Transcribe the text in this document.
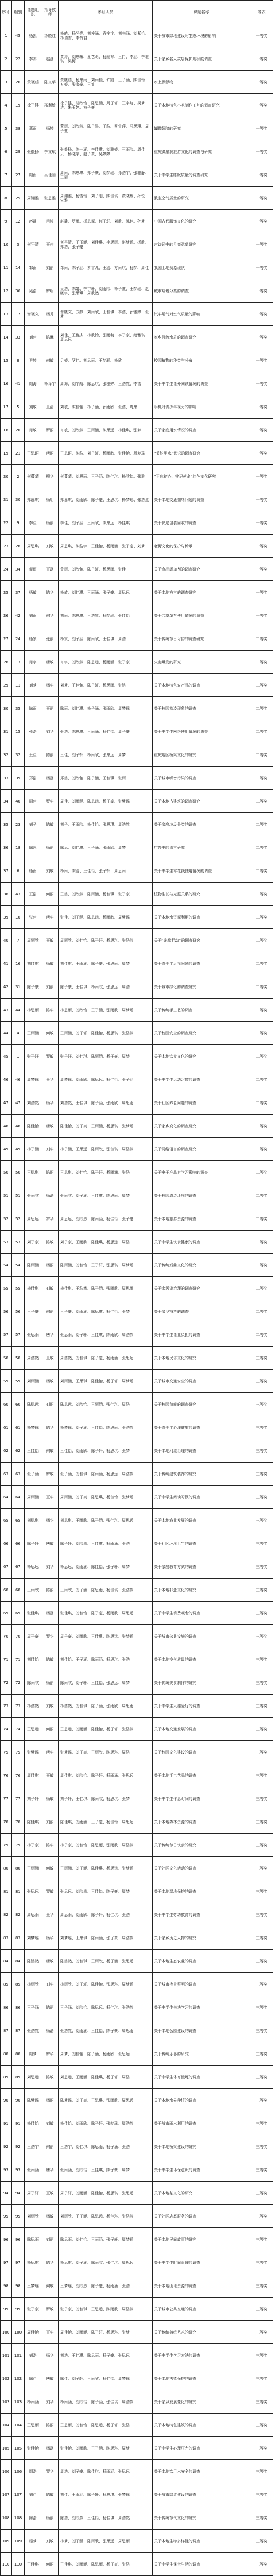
序号	组别	课题组长	指导教师	参研人员	课题名称	等次
1	45	杨凯	汤晓红	杨皓、杨翌光、刘梓涵、肖宁宇、刘书涵、刘紫怡、杨瑞雪、李竹君	关于城市绿地建设对生态环境的影响	一等奖
2	22	李亦	赵磊	黄涛、刘思敏、夏艺晗、杨丽琴、王冉、李涵、李雅琪、吴柯	关于家乡名人故居保护现状的调查	一等奖
3	26	黄晓茹	陈文华	黄晓茹、杨思雨、刘雨佳、许凯、王子涵、陈佳怡、方婷、张家豪、王睿	水上漂浮物	一等奖
4	19	徐子健	邵利敏	徐子健、胡欣怡、陈思涵、周子轩、王宇航、吴梦洁、朱玉婷、方子豪	关于本地特色小吃制作工艺的调查研究	一等奖
5	38	董雨	杨婷	董雨、刘欣然、陈子墨、王浩、罗雪莲、马思琪、周子萱	蝴蝶翅膀的研究	一等奖
6	29	张毅扬	李文斌	张毅扬、陈一涵、李佳琪、刘雅婷、王雨欣、周佳乐、杨晓宇、赵子豪、吴婷婷	重庆洪崖洞旅游文化的调查与研究	一等奖
7	27	周雨	吴佳丽	周雨、陈思琪、郑子豪、刘梦瑶、孙浩宇、张雅静、王丽	关于中学生睡眠质量的调查研究	一等奖
8	25	周湘雅	张思雅	周湘雅、杨雪怡、刘子阳、陈佳琪、黄晓敏、孙悦、宋雅	教室空气质量的研究	一等奖
9	12	赵静	肖婷	赵静、罗雨、杨思源、何子轩、刘欣、陈佳、孙梦	中国古代服饰文化的研究	一等奖
10	3	何平清	王伟	何平清、王玉涵、刘佳琪、李思雨、赵梦瑶、杨欣、郑浩、张子豪	古诗词中的月亮意象研究	一等奖
11	14	邹雨	刘丽	邹雨、陈子涵、罗雪儿、王浩、方雨琪、杨梦、周佳	我国土地资源现状	一等奖
12	36	吴浩	罗明	吴浩、陈婧、李宇轩、刘雨欣、杨子萱、王梦瑶、赵晓宇、张思琪、周欣然	城市垃圾分类的调查	一等奖
13	17	谢晓文	杨秀	谢晓文、方静、刘雨欣、王佳琪、李浩、孙雅婷、张梦	汽车尾气对空气质量的影响	一等奖
14	33	刘佳	陈琳	刘佳、王俊杰、杨欣怡、张雨萌、李子豪、赵雅琪、周思远	家乡河流水质的调查研究	一等奖
15	8	尹婷	何敏	尹婷、罗佳、刘思雨、王梦瑶、杨欣	校园植物的种类与分布	一等奖
16	41	周海	杨泽宇	周海、刘宇航、陈思琪、张雅婷、王浩然、李雪	关于中学生课外阅读情况的调查	一等奖
17	5	刘敏	王清	刘敏、陈佳怡、杨子涵、孙雨欣、张浩、周思	手机对青少年视力的影响	一等奖
18	20	肖敏	罗丽	肖敏、刘欣然、王雨涵、陈思远、杨佳琪、张梦	关于家庭用水情况的调查	一等奖
19	21	王思语	唐丽	王思语、陈浩、刘子轩、杨雨欣、张佳怡、周梦瑶	“节约用水”意识的调查研究	一等奖
20	2	何蔓晴	柳华	何蔓晴、刘思雨、王子涵、陈佳琪、杨欣怡、张雅	“不忘初心，牢记使命”红色文化研究	一等奖
21	30	郑嘉琪	杨明	郑嘉琪、刘雨欣、陈子豪、王思琪、杨梦瑶、张浩然	关于本地交通拥堵问题的调查	一等奖
22	9	李佳	杨丽	李佳、刘子涵、王雨欣、陈思远、杨佳琪	关于快递包装回收的调查	一等奖
23	28	周思琪	刘敏	周思琪、陈浩宇、王佳怡、杨雨涵、张子豪、刘梦	老街文化的保护与传承	一等奖
24	34	黄雨	王磊	黄雨、刘欣怡、陈子轩、杨思雨、张佳	关于食品添加剂的调查研究	一等奖
25	37	杨敏	陈华	杨敏、刘佳琪、王雨涵、张子豪、周思远	关于本地方言的调查研究	一等奖
26	42	刘雨	何华	刘雨、陈思琪、王浩然、杨梦瑶、张佳怡	关于共享单车使用情况的调查	一等奖
27	24	杨家	张丽	杨家、刘子涵、陈雨欣、王佳琪、周浩	关于传统节日习俗的调查研究	二等奖
28	13	肖宇	唐敏	肖宇、刘欣然、陈思远、杨雨涵、张子豪	火山爆发的研究	二等奖
29	11	刘梦	杨华	刘梦、王佳怡、陈子轩、杨思雨、张浩	关于本地特色农产品的调查	二等奖
30	35	陈雨	王丽	陈雨、刘佳琪、杨子涵、张雨欣、周梦瑶	关于校园欺凌现象的调查	二等奖
31	15	张浩	刘华	张浩、陈思琪、王雨涵、杨佳怡、周子豪	关于中学生网络使用情况的调查	二等奖
32	32	王佳	陈丽	王佳、刘子轩、杨雨欣、张思远、周梦	重庆地区桥梁文化的研究	二等奖
33	39	郑浩	杨磊	郑浩、刘欣怡、陈子涵、王佳琪、张雨	关于城市噪音污染的调查	二等奖
34	40	周佳	罗华	周佳、刘雨涵、陈思远、杨子豪、张梦瑶	关于本地古建筑的调查研究	二等奖
35	23	刘子	陈敏	刘子、王雨欣、杨佳怡、张思琪、周浩然	关于家庭垃圾分类的调查	二等奖
36	18	陈思	杨丽	陈思、刘佳琪、王子涵、张雨欣、周梦	广告中的语言研究	二等奖
37	6	杨雨	刘敏	杨雨、陈浩、王佳怡、张子轩、周思雨	关于中学生零花钱使用情况的调查	二等奖
38	43	王浩	何丽	王浩、刘欣然、陈雨涵、杨佳琪、张子豪	植物生长与光照关系的研究	二等奖
39	10	张佳	唐华	张佳、刘子涵、陈思远、杨雨欣、周梦瑶	关于本地水资源利用的调查	二等奖
40	7	周雨欣	王敏	周雨欣、刘佳怡、陈子轩、杨思琪、张浩然	关于“光盘行动”的调查研究	二等奖
41	16	刘佳琪	杨敏	刘佳琪、王雨涵、陈子豪、张思雨、周梦	关于青少年近视问题的调查	二等奖
42	31	陈子豪	刘丽	陈子豪、王佳琪、杨雨欣、张思远、周浩	关于城市绿化的调查研究	二等奖
43	44	杨思雨	陈华	杨思雨、刘欣怡、王子涵、张雨欣、周梦瑶	关于传统手工艺的调查	二等奖
44	4	王雨涵	何敏	王雨涵、刘子轩、陈佳怡、杨思琪、张浩然	关于校园安全的调查研究	二等奖
45	1	张子轩	罗敏	张子轩、刘佳琪、陈雨涵、杨子豪、周梦	关于本地饮食文化的研究	二等奖
46	46	周梦瑶	王华	周梦瑶、刘雨欣、陈思远、杨佳怡、张子涵	关于中学生运动习惯的调查	二等奖
47	47	刘浩然	杨华	刘浩然、王佳琪、陈子涵、张雨欣、周思雨	关于社区养老问题的调查	二等奖
48	48	陈佳怡	唐敏	陈佳怡、刘子豪、王雨涵、杨思琪、张梦瑶	关于家乡变化的调查研究	二等奖
49	49	杨子涵	刘华	杨子涵、王思远、陈雨欣、张佳琪、周浩然	关于网络语言的调查研究	二等奖
50	50	王思琪	陈丽	王思琪、刘佳怡、陈子轩、杨雨涵、张浩	关于电子产品对学习影响的调查	二等奖
51	51	张雨欣	杨磊	张雨欣、刘子涵、王佳琪、陈思雨、周梦	关于校园周边环境的调查	二等奖
52	52	周思远	罗华	周思远、刘欣然、陈雨涵、杨佳怡、张子豪	关于本地旅游资源的调查	二等奖
53	53	刘子豪	陈敏	刘子豪、王雨欣、陈佳琪、杨思远、周浩	关于中学生饮食健康的调查	二等奖
54	54	陈雨涵	杨丽	陈雨涵、刘佳怡、王子轩、张思琪、周梦瑶	关于传统戏曲文化的研究	二等奖
55	55	杨佳琪	刘敏	杨佳琪、王浩然、陈子涵、张雨欣、周思雨	关于水污染治理的调查研究	二等奖
56	56	王子豪	何丽	王子豪、刘雨涵、陈思琪、杨佳怡、张梦	关于家乡特产的调查	二等奖
57	57	张思雨	唐华	张思雨、刘子轩、王佳琪、陈雨欣、周浩然	关于中学生课业负担的调查	二等奖
58	58	周浩然	王敏	周浩然、刘佳琪、陈子豪、杨雨涵、张思远	关于本地民俗文化的研究	三等奖
59	59	刘雨涵	杨敏	刘雨涵、王思琪、陈佳怡、杨子轩、周梦瑶	关于城市交通安全的调查	三等奖
60	60	陈思远	刘丽	陈思远、刘欣怡、王雨涵、张佳琪、周浩	关于校园节能的调查研究	三等奖
61	61	杨梦瑶	陈华	杨梦瑶、刘子涵、王佳怡、陈思雨、张浩然	关于青少年心理健康的调查	三等奖
62	62	王佳怡	何敏	王佳怡、刘雨欣、陈子轩、杨思琪、张梦	关于本地河流治理的调查	三等奖
63	63	张子涵	罗敏	张子涵、刘佳琪、陈雨涵、杨思远、周浩然	关于传统建筑装饰的研究	三等奖
64	64	周雨涵	王华	周雨涵、刘子豪、陈思琪、杨佳怡、张梦瑶	关于中学生阅读习惯的调查	三等奖
65	65	刘思琪	杨华	刘思琪、王雨欣、陈子涵、张佳琪、周思远	关于本地农业发展的调查	三等奖
66	66	陈子轩	唐敏	陈子轩、刘欣然、王佳琪、杨雨涵、张浩	关于社区环境卫生的调查	三等奖
67	67	杨思远	刘华	杨思远、刘雨涵、陈佳怡、张子轩、周梦	关于家庭教育方式的调查	三等奖
68	68	王雨欣	陈丽	王雨欣、刘子涵、陈思雨、杨佳琪、张浩然	关于本地非遗文化的研究	三等奖
69	69	张佳琪	杨磊	张佳琪、刘佳怡、陈子豪、杨雨欣、周思远	关于中学生消费观念的调查	三等奖
70	70	周子豪	罗华	周子豪、刘雨欣、王佳琪、陈思远、张梦瑶	关于城市公共设施的调查	三等奖
71	71	刘佳怡	陈敏	刘佳怡、王子涵、陈雨涵、杨思琪、张浩	关于本地空气质量的调查	三等奖
72	72	陈雨欣	杨丽	陈雨欣、刘子轩、王佳怡、张思远、周梦	关于传统美食制作的研究	三等奖
73	73	杨浩然	刘敏	杨浩然、刘佳琪、陈子涵、张雨欣、周思雨	关于中学生兴趣爱好的调查	三等奖
74	74	王思远	何丽	王思远、刘雨涵、陈佳怡、杨子轩、张浩然	关于本地交通发展的调查	三等奖
75	75	张梦瑶	唐华	张梦瑶、刘子豪、王雨欣、陈思琪、周浩	关于校园文化建设的调查	三等奖
76	76	周佳琪	王敏	周佳琪、刘欣怡、陈子轩、杨雨涵、张思远	关于本地手工艺品的调查	三等奖
77	77	刘子轩	杨敏	刘子轩、王佳琪、陈雨欣、杨思琪、张梦	关于中学生作息时间的调查	三等奖
78	78	陈佳琪	刘丽	陈佳琪、刘雨涵、王子豪、杨佳怡、周思远	关于本地森林资源的调查	三等奖
79	79	杨子豪	陈华	杨子豪、刘佳怡、陈思雨、张雨欣、周浩然	关于传统节日饮食的研究	三等奖
80	80	王雨涵	何敏	王雨涵、刘子涵、陈佳琪、杨思远、张梦瑶	关于社区文化活动的调查	三等奖
81	81	张思远	罗敏	张思远、刘欣然、王佳怡、陈子豪、周梦	关于本地湿地保护的调查	三等奖
82	82	周思雨	王华	周思雨、刘雨欣、陈子轩、杨佳琪、张浩	关于中学生劳动教育的调查	三等奖
83	83	刘梦瑶	杨华	刘梦瑶、王思琪、陈雨涵、张子豪、周浩然	关于家乡历史人物的研究	三等奖
84	84	陈浩然	唐敏	陈浩然、刘佳琪、王雨欣、杨子涵、张思远	关于本地生态农业的调查	三等奖
85	85	杨雨欣	刘华	杨雨欣、刘子轩、陈佳怡、张思琪、周梦瑶	关于城市夜景照明的调查	三等奖
86	86	王子涵	陈丽	王子涵、刘欣怡、陈思远、杨佳琪、张浩然	关于中学生书法学习的调查	三等奖
87	87	张浩然	杨磊	张浩然、刘雨涵、王佳怡、陈子豪、周思雨	关于本地公园建设的调查	三等奖
88	88	周梦	罗华	周梦、刘佳怡、陈子涵、杨雨欣、张思远	关于传统乐器的研究	三等奖
89	89	刘思远	陈敏	刘思远、王雨涵、陈佳琪、杨子轩、周浩	关于中学生体育锻炼的调查	三等奖
90	90	陈梦瑶	杨丽	陈梦瑶、刘子豪、王思琪、张雨欣、周思远	关于本地水果种植的调查	三等奖
91	91	杨佳怡	刘敏	杨佳怡、刘雨欣、陈子轩、张梦瑶、周浩然	关于城市雨水利用的调查	三等奖
92	92	王浩宇	何丽	王浩宇、刘佳琪、陈思雨、杨子涵、张浩	关于本地桥梁建设的研究	三等奖
93	93	张雨涵	唐华	张雨涵、刘欣怡、王佳琪、陈子豪、周梦	关于中学生环保意识的调查	三等奖
94	94	周子轩	王敏	周子轩、刘雨涵、陈佳怡、杨思琪、张思远	关于本地茶文化的研究	三等奖
95	95	刘雨欣	杨敏	刘雨欣、王子涵、陈思远、杨佳琪、张浩然	关于社区志愿服务的调查	三等奖
96	96	陈思雨	刘丽	陈思雨、刘佳怡、王雨涵、张子轩、周梦瑶	关于本地民间故事的研究	三等奖
97	97	杨思琪	陈华	杨思琪、刘子涵、陈雨欣、张佳琪、周思远	关于中学生时间管理的调查	三等奖
98	98	王梦瑶	何敏	王梦瑶、刘欣然、陈子豪、杨雨涵、张浩	关于本地山地资源的调查	三等奖
99	99	张子豪	罗敏	张子豪、刘佳琪、王思远、陈雨欣、周浩然	关于城市公共交通的调查	三等奖
100	100	周佳怡	王华	周佳怡、刘雨涵、陈子轩、杨思琪、张梦	关于传统剪纸艺术的研究	三等奖
101	101	刘浩	杨华	刘浩、王佳琪、陈思雨、杨子豪、张思远	关于中学生学习方法的调查	三等奖
102	102	陈佳	唐敏	陈佳、刘子轩、王雨欣、杨佳怡、周梦瑶	关于本地古镇保护的调查	三等奖
103	103	杨雨涵	刘华	杨雨涵、刘欣怡、陈子涵、张佳琪、周浩然	关于家乡发展变化的研究	三等奖
104	104	王思雨	陈丽	王思雨、刘佳怡、陈思远、杨子轩、张浩	关于本地特色建筑的调查	三等奖
105	105	张佳怡	杨磊	张佳怡、刘雨欣、王子涵、陈思琪、周梦	关于中学生心理压力的调查	三等奖
106	106	周浩	罗华	周浩、刘子豪、陈佳琪、杨雨涵、张思远	关于本地饮用水安全的调查	三等奖
107	107	刘佳	陈敏	刘佳、王雨涵、陈子轩、杨思琪、张梦瑶	关于城市绿道建设的调查	三等奖
108	108	陈浩	杨丽	陈浩、刘欣然、王佳怡、杨佳琪、周浩然	关于传统节气文化的研究	三等奖
109	109	杨梦	刘敏	杨梦、刘子涵、陈雨欣、张思远、周思雨	关于本地生物多样性的调查	三等奖
110	110	王佳琪	何丽	王佳琪、刘雨涵、陈思雨、杨子豪、张浩	关于中学生课余生活的调查	三等奖
